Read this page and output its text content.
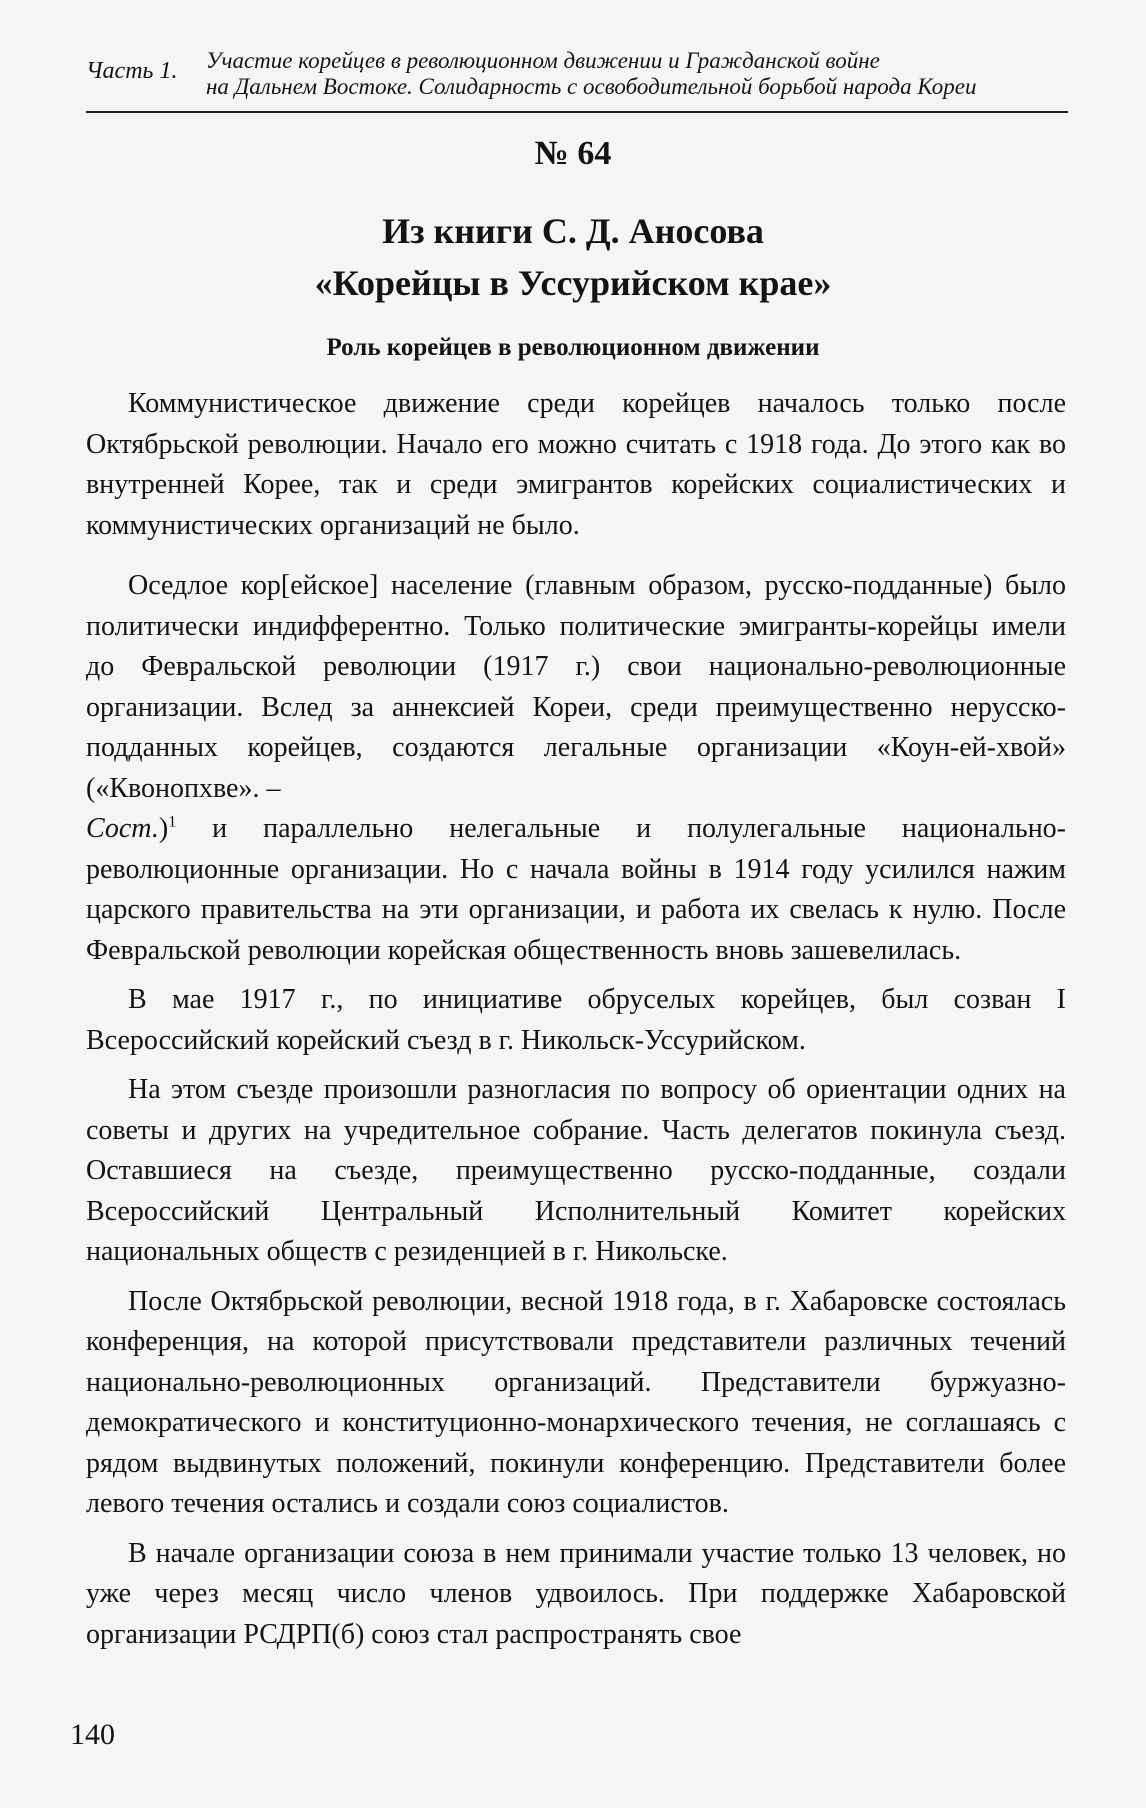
Часть 1. Участие корейцев в революционном движении и Гражданской войне
на Дальнем Востоке. Солидарность с освободительной борьбой народа Кореи
№ 64
Из книги С. Д. Аносова
«Корейцы в Уссурийском крае»
Роль корейцев в революционном движении

Коммунистическое движение среди корейцев началось только после Октябрьской революции. Начало его можно считать с 1918 года. До этого как во внутренней Корее, так и среди эмигрантов корейских социалистических и коммунистических организаций не было.

Оседлое кор[ейское] население (главным образом, русско-подданные) было политически индифферентно. Только политические эмигранты-корейцы имели до Февральской революции (1917 г.) свои национально-революционные организации. Вслед за аннексией Кореи, среди преимущественно нерусско-подданных корейцев, создаются легальные организации «Коун-ей-хвой» («Квонопхве». –
Сост.)$^1$ и параллельно нелегальные и полулегальные национально-революционные организации. Но с начала войны в 1914 году усилился нажим царского правительства на эти организации, и работа их свелась к нулю. После Февральской революции корейская общественность вновь зашевелилась.

В мае 1917 г., по инициативе обруселых корейцев, был созван I Всероссийский корейский съезд в г. Никольск-Уссурийском.

На этом съезде произошли разногласия по вопросу об ориентации одних на советы и других на учредительное собрание. Часть делегатов покинула съезд. Оставшиеся на съезде, преимущественно русско-подданные, создали Всероссийский Центральный Исполнительный Комитет корейских национальных обществ с резиденцией в г. Никольске.

После Октябрьской революции, весной 1918 года, в г. Хабаровске состоялась конференция, на которой присутствовали представители различных течений национально-революционных организаций. Представители буржуазно-демократического и конституционно-монархического течения, не соглашаясь с рядом выдвинутых положений, покинули конференцию. Представители более левого течения остались и создали союз социалистов.

В начале организации союза в нем принимали участие только 13 человек, но уже через месяц число членов удвоилось. При поддержке Хабаровской организации РСДРП(б) союз стал распространять свое

140
